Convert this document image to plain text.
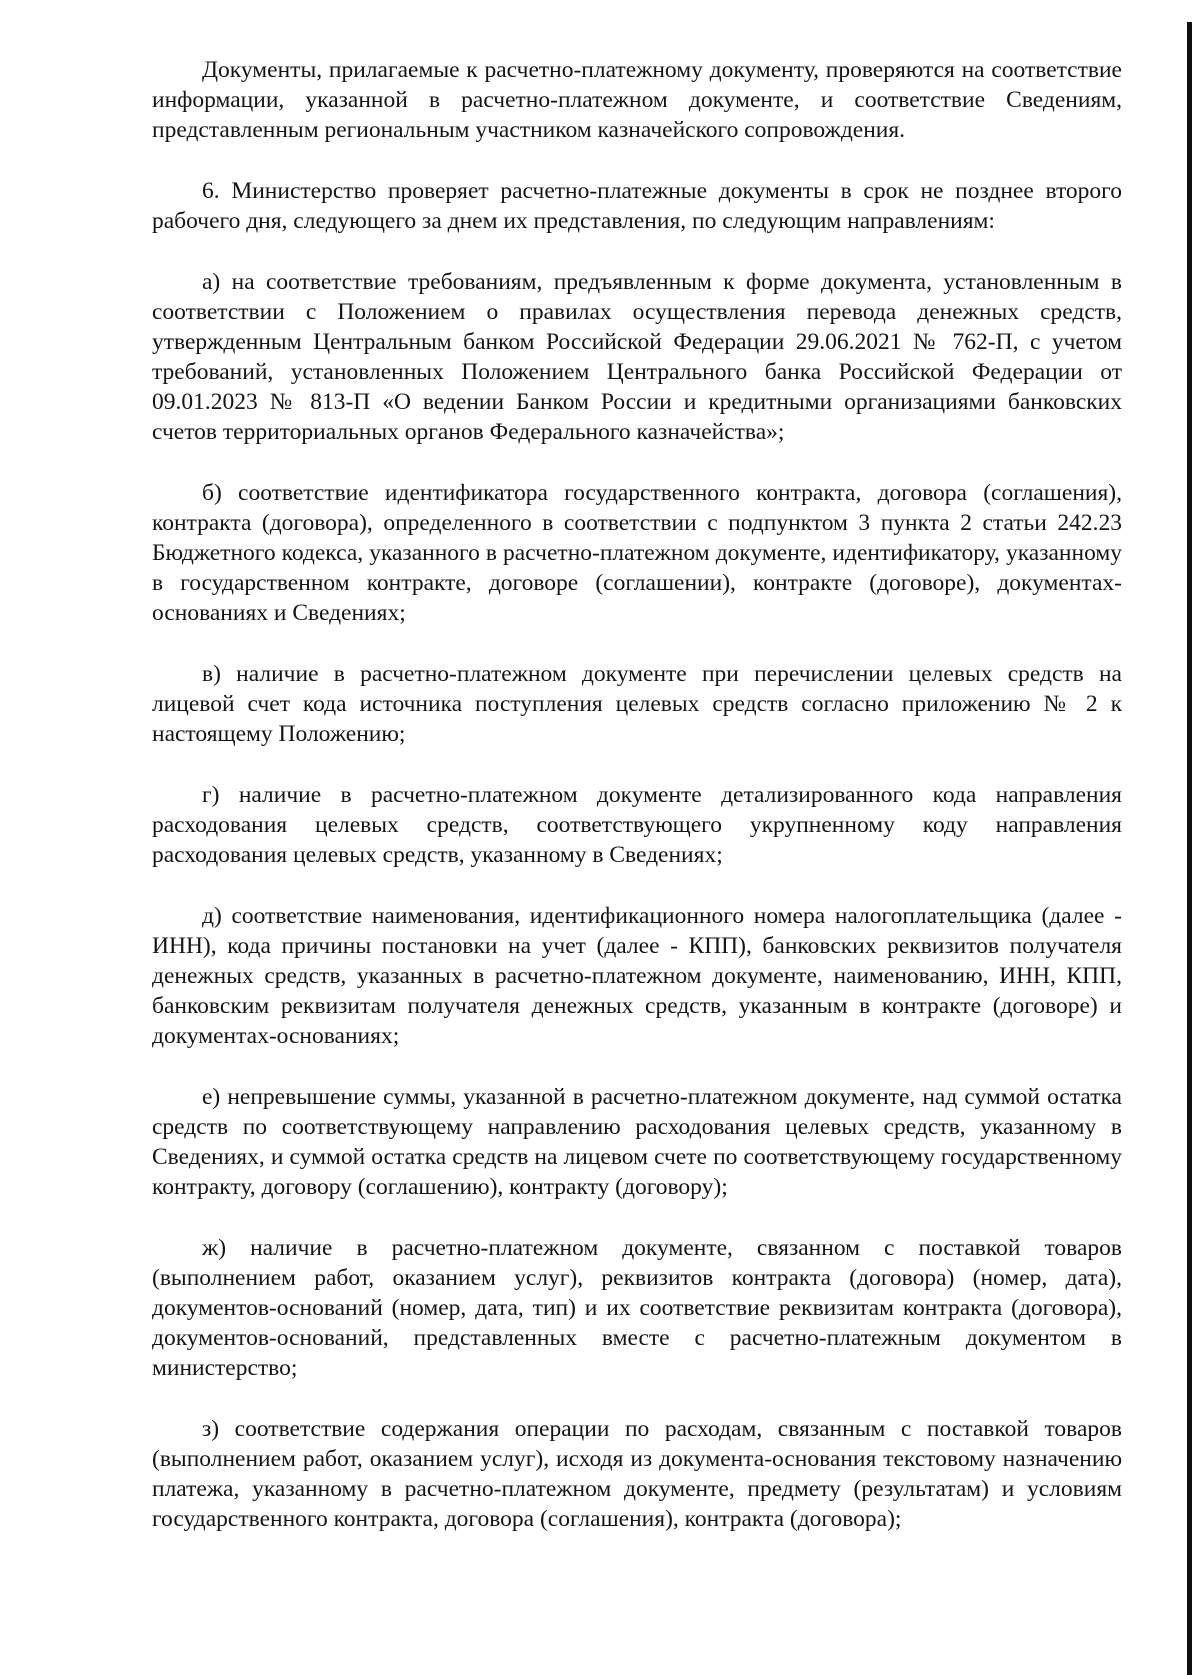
Документы, прилагаемые к расчетно-платежному документу, проверяются на соответствие информации, указанной в расчетно-платежном документе, и соответствие Сведениям, представленным региональным участником казначейского сопровождения.

6. Министерство проверяет расчетно-платежные документы в срок не позднее второго рабочего дня, следующего за днем их представления, по следующим направлениям:

а) на соответствие требованиям, предъявленным к форме документа, установленным в соответствии с Положением о правилах осуществления перевода денежных средств, утвержденным Центральным банком Российской Федерации 29.06.2021 № 762-П, с учетом требований, установленных Положением Центрального банка Российской Федерации от 09.01.2023 № 813-П «О ведении Банком России и кредитными организациями банковских счетов территориальных органов Федерального казначейства»;

б) соответствие идентификатора государственного контракта, договора (соглашения), контракта (договора), определенного в соответствии с подпунктом 3 пункта 2 статьи 242.23 Бюджетного кодекса, указанного в расчетно-платежном документе, идентификатору, указанному в государственном контракте, договоре (соглашении), контракте (договоре), документах-основаниях и Сведениях;

в) наличие в расчетно-платежном документе при перечислении целевых средств на лицевой счет кода источника поступления целевых средств согласно приложению № 2 к настоящему Положению;

г) наличие в расчетно-платежном документе детализированного кода направления расходования целевых средств, соответствующего укрупненному коду направления расходования целевых средств, указанному в Сведениях;

д) соответствие наименования, идентификационного номера налогоплательщика (далее - ИНН), кода причины постановки на учет (далее - КПП), банковских реквизитов получателя денежных средств, указанных в расчетно-платежном документе, наименованию, ИНН, КПП, банковским реквизитам получателя денежных средств, указанным в контракте (договоре) и документах-основаниях;

е) непревышение суммы, указанной в расчетно-платежном документе, над суммой остатка средств по соответствующему направлению расходования целевых средств, указанному в Сведениях, и суммой остатка средств на лицевом счете по соответствующему государственному контракту, договору (соглашению), контракту (договору);

ж) наличие в расчетно-платежном документе, связанном с поставкой товаров (выполнением работ, оказанием услуг), реквизитов контракта (договора) (номер, дата), документов-оснований (номер, дата, тип) и их соответствие реквизитам контракта (договора), документов-оснований, представленных вместе с расчетно-платежным документом в министерство;

з) соответствие содержания операции по расходам, связанным с поставкой товаров (выполнением работ, оказанием услуг), исходя из документа-основания текстовому назначению платежа, указанному в расчетно-платежном документе, предмету (результатам) и условиям государственного контракта, договора (соглашения), контракта (договора);
